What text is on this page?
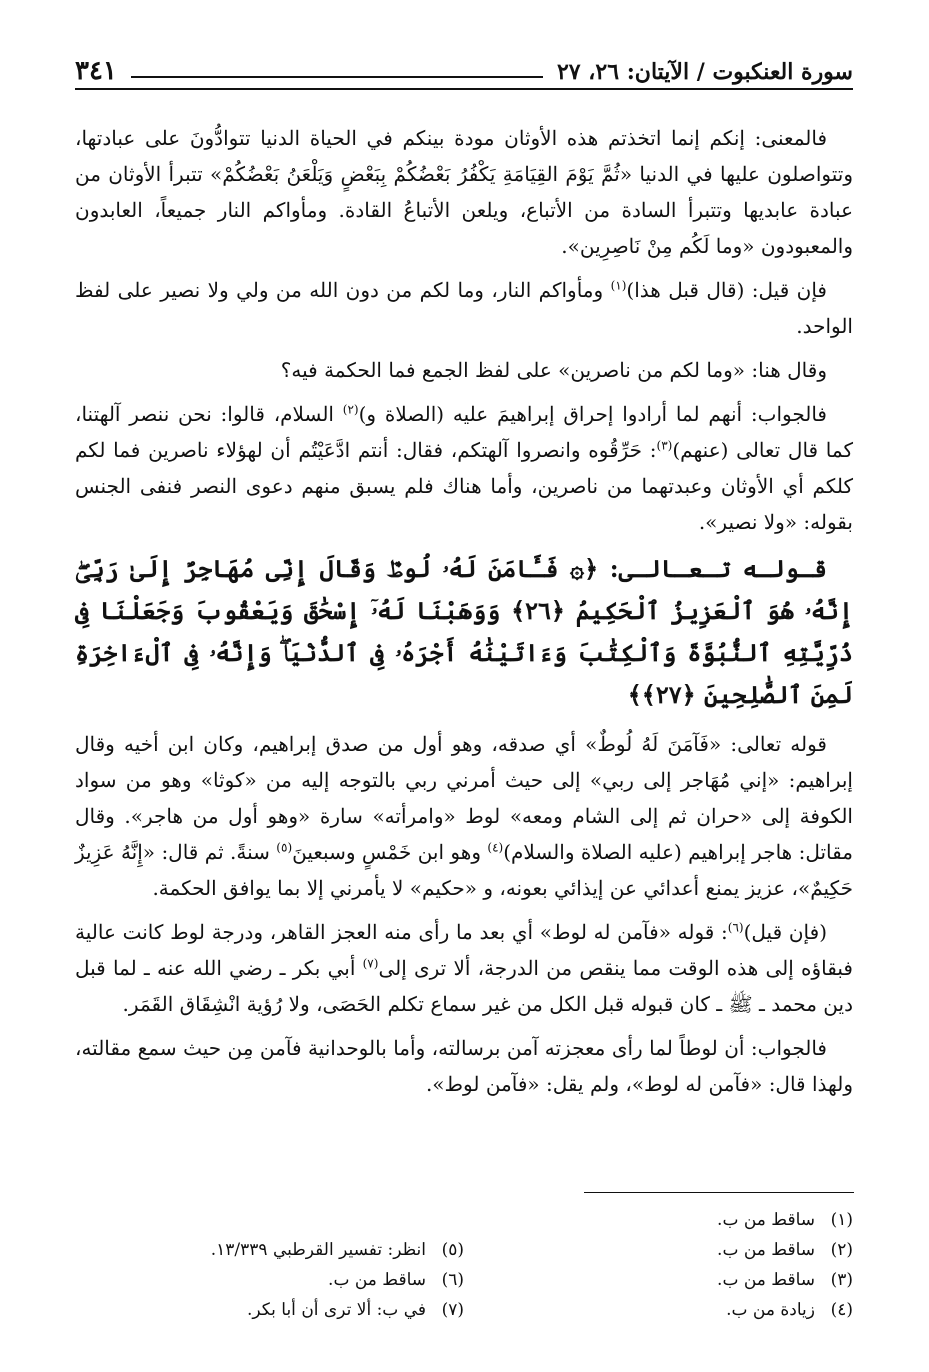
سورة العنكبوت / الآيتان: ٢٦، ٢٧
٣٤١

فالمعنى: إنكم إنما اتخذتم هذه الأوثان مودة بينكم في الحياة الدنيا تتوادُّونَ على عبادتها، وتتواصلون عليها في الدنيا «ثُمَّ يَوْمَ القِيَامَةِ يَكْفُرُ بَعْضُكُمْ بِبَعْضٍ وَيَلْعَنُ بَعْضُكُمْ» تتبرأ الأوثان من عبادة عابديها وتتبرأ السادة من الأتباع، ويلعن الأتباعُ القادة. ومأواكم النار جميعاً، العابدون والمعبودون «وما لَكُم مِنْ نَاصِرِين».

فإن قيل: (قال قبل هذا)$^{(١)}$ ومأواكم النار، وما لكم من دون الله من ولي ولا نصير على لفظ الواحد.

وقال هنا: «وما لكم من ناصرين» على لفظ الجمع فما الحكمة فيه؟

فالجواب: أنهم لما أرادوا إحراق إبراهيمَ عليه (الصلاة و)$^{(٢)}$ السلام، قالوا: نحن ننصر آلهتنا، كما قال تعالى (عنهم)$^{(٣)}$: حَرِّقُوه وانصروا آلهتكم، فقال: أنتم ادَّعَيْتُم أن لهؤلاء ناصرين فما لكم كلكم أي الأوثان وعبدتهما من ناصرين، وأما هناك فلم يسبق منهم دعوى النصر فنفى الجنس بقوله: «ولا نصير».

قـولـه تـعـالـى: ﴿۞ فَـَٔامَنَ لَهُۥ لُوطٌۘ وَقَالَ إِنِّى مُهَاجِرٌ إِلَىٰ رَبِّىٓۖ إِنَّهُۥ هُوَ ٱلْعَزِيزُ ٱلْحَكِيمُ ﴿٢٦﴾ وَوَهَبْنَا لَهُۥٓ إِسْحَٰقَ وَيَعْقُوبَ وَجَعَلْنَا فِى ذُرِّيَّتِهِ ٱلنُّبُوَّةَ وَٱلْكِتَٰبَ وَءَاتَيْنَٰهُ أَجْرَهُۥ فِى ٱلدُّنْيَاۖ وَإِنَّهُۥ فِى ٱلْءَاخِرَةِ لَمِنَ ٱلصَّٰلِحِينَ ﴿٢٧﴾﴾

قوله تعالى: «فَآمَنَ لَهُ لُوطٌ» أي صدقه، وهو أول من صدق إبراهيم، وكان ابن أخيه وقال إبراهيم: «إني مُهَاجر إلى ربي» إلى حيث أمرني ربي بالتوجه إليه من «كوثا» وهو من سواد الكوفة إلى «حران ثم إلى الشام ومعه» لوط «وامرأته» سارة «وهو أول من هاجر». وقال مقاتل: هاجر إبراهيم (عليه الصلاة والسلام)$^{(٤)}$ وهو ابن خَمْسٍ وسبعينَ$^{(٥)}$ سنةً. ثم قال: «إِنَّهُ عَزِيزٌ حَكِيمٌ»، عزيز يمنع أعدائي عن إيذائي بعونه، و «حكيم» لا يأمرني إلا بما يوافق الحكمة.

(فإن قيل)$^{(٦)}$: قوله «فآمن له لوط» أي بعد ما رأى منه العجز القاهر، ودرجة لوط كانت عالية فبقاؤه إلى هذه الوقت مما ينقص من الدرجة، ألا ترى إلى$^{(٧)}$ أبي بكر ـ رضي الله عنه ـ لما قبل دين محمد ـ ﷺ ـ كان قبوله قبل الكل من غير سماع تكلم الحَصَى، ولا رُؤية انْشِقَاق القَمَر.

فالجواب: أن لوطاً لما رأى معجزته آمن برسالته، وأما بالوحدانية فآمن مِن حيث سمع مقالته، ولهذا قال: «فآمن له لوط»، ولم يقل: «فآمن لوط».

(١)ساقط من ب.
(٢)ساقط من ب.
(٣)ساقط من ب.
(٤)زيادة من ب.
(٥)انظر: تفسير القرطبي ١٣/٣٣٩.
(٦)ساقط من ب.
(٧)في ب: ألا ترى أن أبا بكر.
